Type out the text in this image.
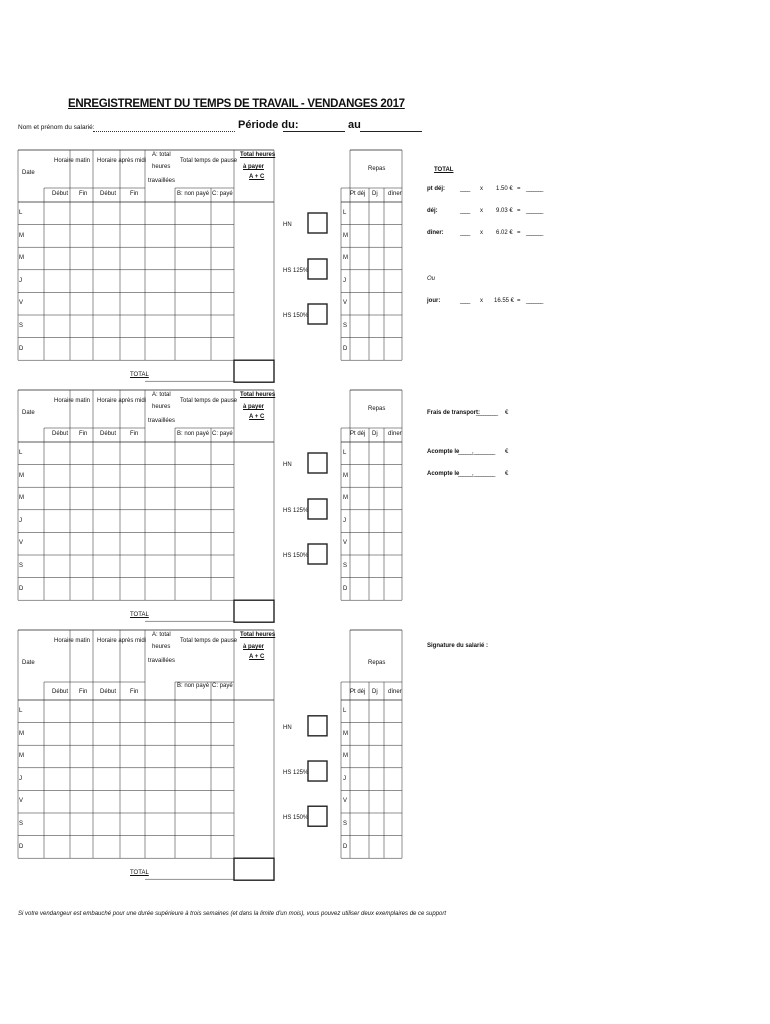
ENREGISTREMENT DU TEMPS DE TRAVAIL - VENDANGES 2017
Nom et prénom du salarié:	Période du:	au
TOTAL
Date
Horaire matin Horaire après midi
A: total
heures
travaillées
Total temps de pause
Total heures
à payer
A + C
Début Fin Début Fin	B: non payé C: payé
L	L
M	M
M	M
J	J
V	V
S	S
D	D
Repas
Pt déj Dj dîner
HN
HS 125%
HS 150%
TOTAL
Date
Horaire matin Horaire après midi
A: total
heures
travaillées
Total temps de pause
Total heures
à payer
A + C
Début Fin Début Fin	B: non payé C: payé
L	L
M	M
M	M
J	J
V	V
S	S
D	D
Repas
Pt déj Dj dîner
HN
HS 125%
HS 150%
TOTAL
Date
Horaire matin Horaire après midi
A: total
heures
travaillées
Total temps de pause
Total heures
à payer
A + C
Début Fin Début Fin
B: non payé C: payé
L	L
M	M
M	M
J	J
V	V
S	S
D	D
Repas
Pt déj Dj dîner
HN
HS 125%
HS 150%
TOTAL
pt déj:	____ x 1.50 € = _______
déj:	____ x 9.03 € = _______
dîner:	____ x 6.02 € = _______
Ou
jour:	____ x 16.55 € = _______
Frais de transport:
_________ €
Acompte le
______, _________ €
Acompte le
______, _________ €
Signature du salarié :
Si votre vendangeur est embauché pour une durée supérieure à trois semaines (et dans la limite d'un mois), vous pouvez utiliser deux exemplaires de ce support
